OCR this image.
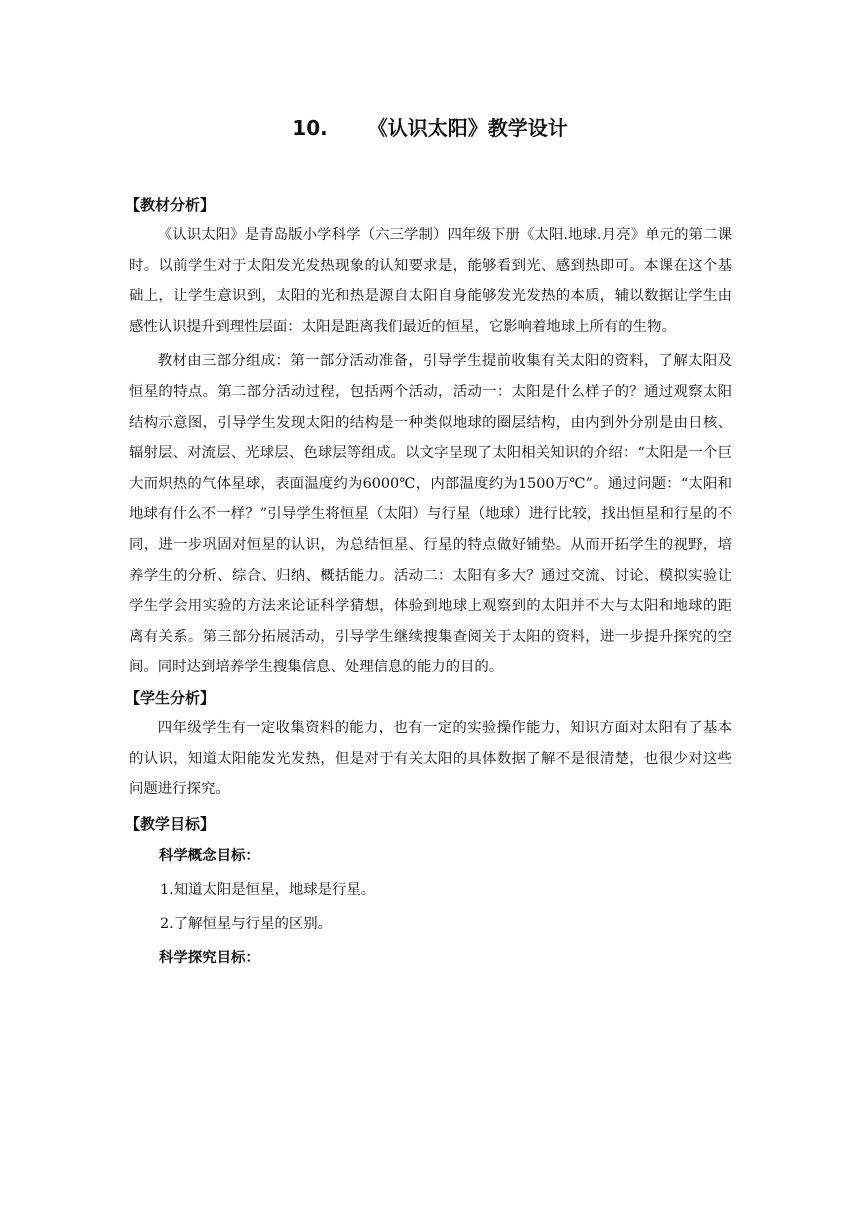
10. 《认识太阳》教学设计
【教材分析】

《认识太阳》是青岛版小学科学（六三学制）四年级下册《太阳.地球.月亮》单元的第二课时。以前学生对于太阳发光发热现象的认知要求是，能够看到光、感到热即可。本课在这个基础上，让学生意识到，太阳的光和热是源自太阳自身能够发光发热的本质，辅以数据让学生由感性认识提升到理性层面：太阳是距离我们最近的恒星，它影响着地球上所有的生物。

教材由三部分组成：第一部分活动准备，引导学生提前收集有关太阳的资料，了解太阳及恒星的特点。第二部分活动过程，包括两个活动，活动一：太阳是什么样子的？通过观察太阳结构示意图，引导学生发现太阳的结构是一种类似地球的圈层结构，由内到外分别是由日核、辐射层、对流层、光球层、色球层等组成。以文字呈现了太阳相关知识的介绍：“太阳是一个巨大而炽热的气体星球，表面温度约为6000℃，内部温度约为1500万℃”。通过问题：“太阳和地球有什么不一样？”引导学生将恒星（太阳）与行星（地球）进行比较，找出恒星和行星的不同，进一步巩固对恒星的认识，为总结恒星、行星的特点做好铺垫。从而开拓学生的视野，培养学生的分析、综合、归纳、概括能力。活动二：太阳有多大？通过交流、讨论、模拟实验让学生学会用实验的方法来论证科学猜想，体验到地球上观察到的太阳并不大与太阳和地球的距离有关系。第三部分拓展活动，引导学生继续搜集查阅关于太阳的资料，进一步提升探究的空间。同时达到培养学生搜集信息、处理信息的能力的目的。

【学生分析】

四年级学生有一定收集资料的能力，也有一定的实验操作能力，知识方面对太阳有了基本的认识，知道太阳能发光发热，但是对于有关太阳的具体数据了解不是很清楚，也很少对这些问题进行探究。

【教学目标】
科学概念目标：
1.知道太阳是恒星，地球是行星。
2.了解恒星与行星的区别。
科学探究目标：
